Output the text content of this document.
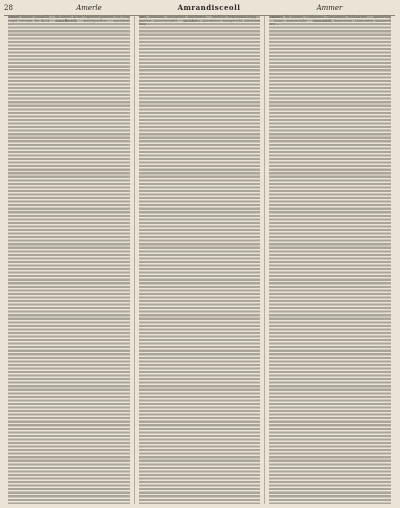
28	Amerle	Amrandisceoll	Ammer
Amsel, Ammer, Amarelle, ... die Amsel; in der Vogelwelt gemeine Art; Singvogel; schwarz; der Bisch ... Amselbusch, ... Amselgeschrei, ... Amselnest ...
Amt, Amtmann, Amtsgebiet, Amtsbezirk ... Amtliche Bekanntmachung ... Amtsrat, Amtsverwalter ... Amtsbote, Amtsdiener, Amtsgericht, Amtshandlung ...
Ammer, die Ammer, Goldammer, Grauammer, Rohrammer ... Ammerling ... Amme, Ammenstube ... Ammoniak, Ammonium, Ammoniten, Ammonshorn ...
